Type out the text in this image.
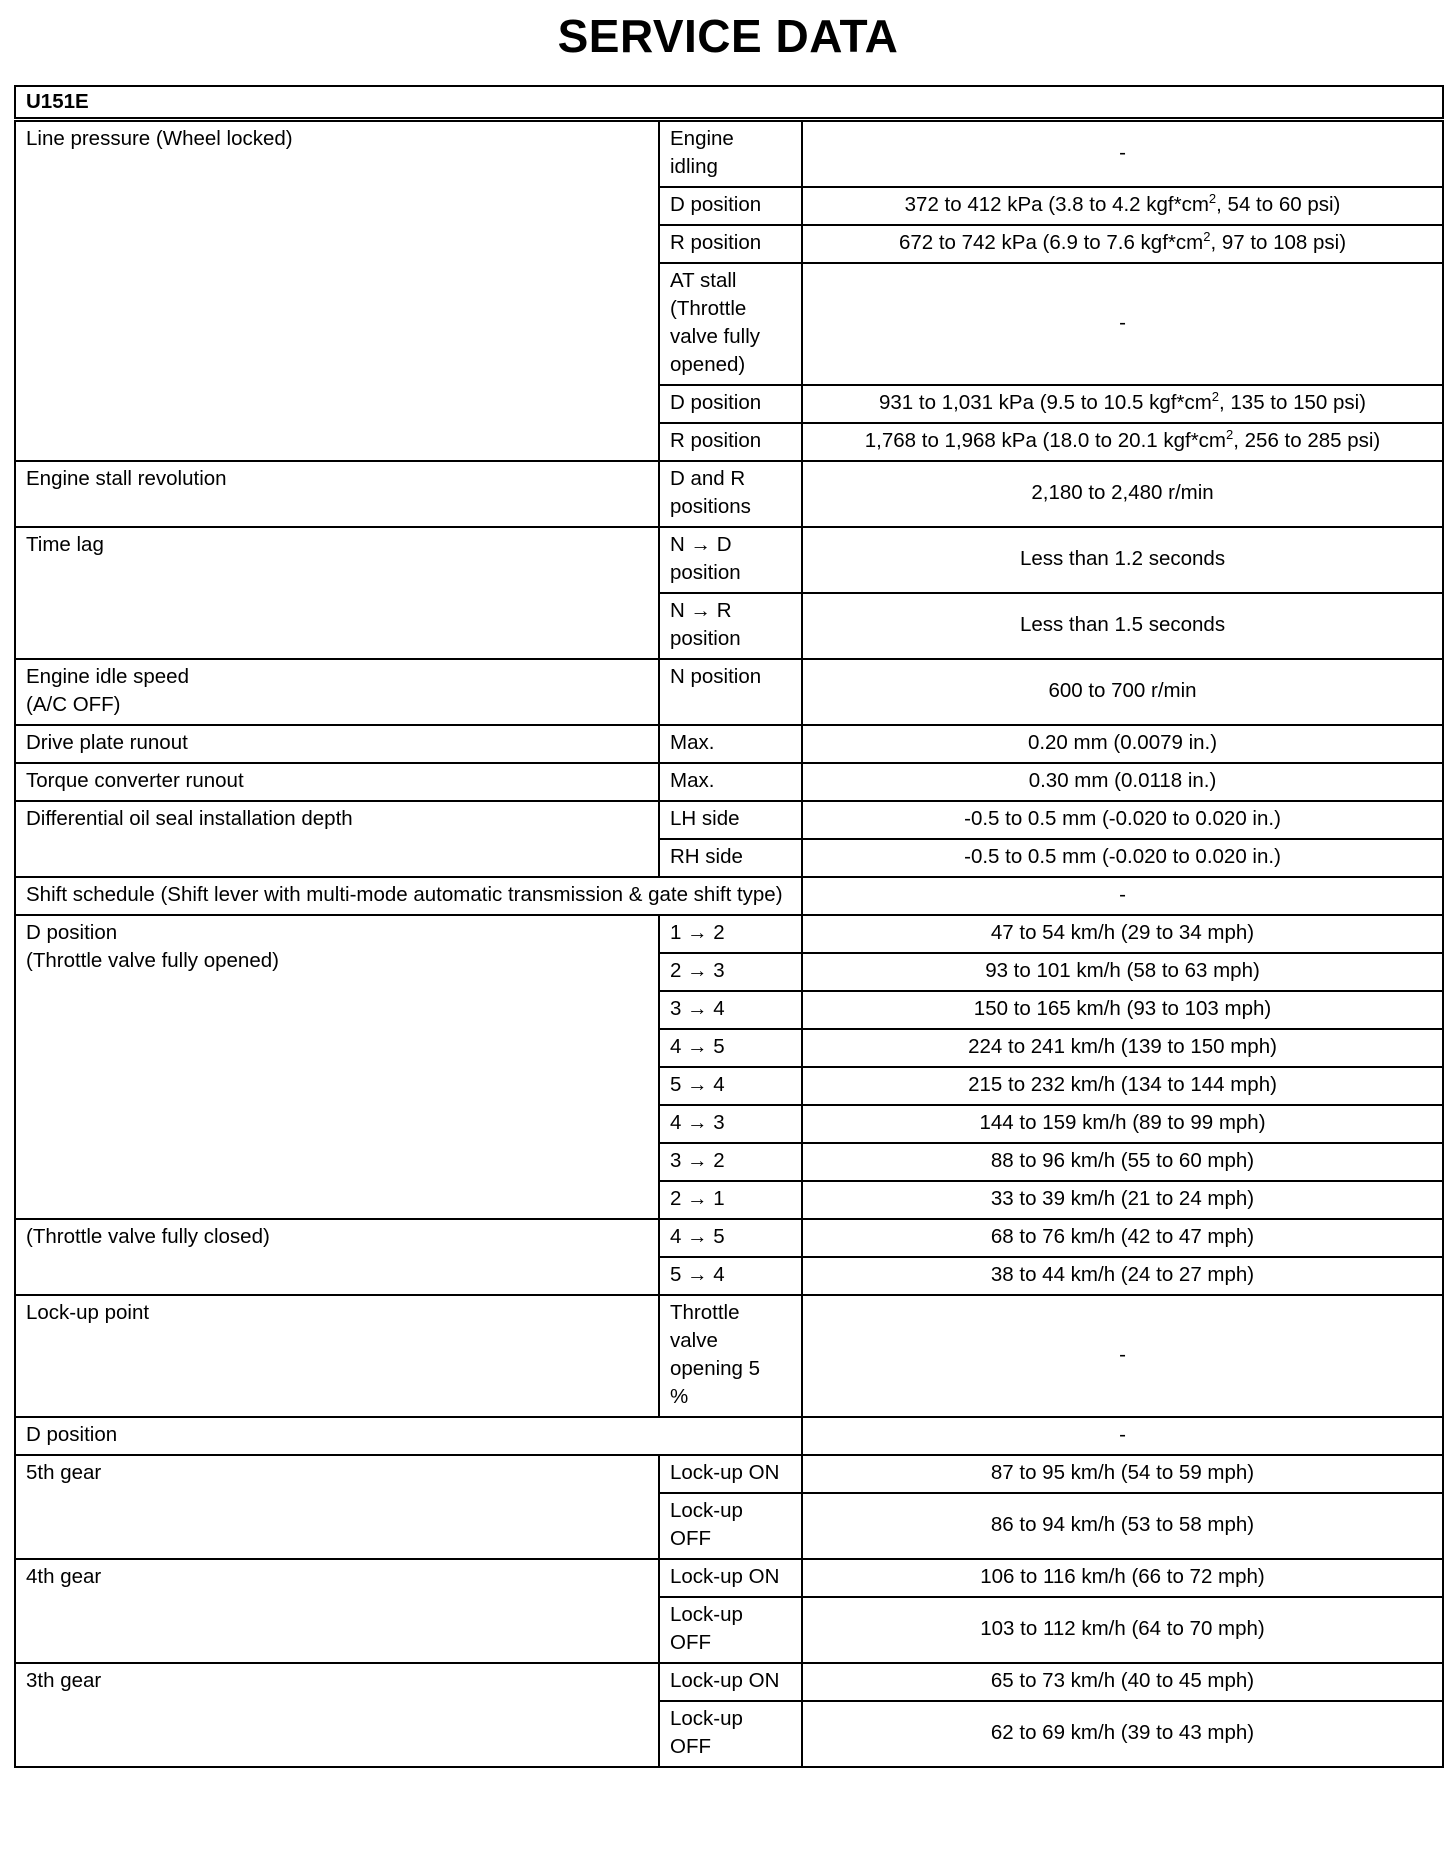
SERVICE DATA
U151E		
Line pressure (Wheel locked)	Engine
idling	-
	D position	372 to 412 kPa (3.8 to 4.2 $kgf*cm^2$, 54 to 60 psi)
	R position	672 to 742 kPa (6.9 to 7.6 $kgf*cm^2$, 97 to 108 psi)
	AT stall
(Throttle
valve fully
opened)	-
	D position	931 to 1,031 kPa (9.5 to 10.5 $kgf*cm^2$, 135 to 150 psi)
	R position	1,768 to 1,968 kPa (18.0 to 20.1 $kgf*cm^2$, 256 to 285 psi)
Engine stall revolution	D and R
positions	2,180 to 2,480 r/min
Time lag	N → D
position	Less than 1.2 seconds
	N → R
position	Less than 1.5 seconds
Engine idle speed
(A/C OFF)	N position	600 to 700 r/min
Drive plate runout	Max.	0.20 mm (0.0079 in.)
Torque converter runout	Max.	0.30 mm (0.0118 in.)
Differential oil seal installation depth	LH side	-0.5 to 0.5 mm (-0.020 to 0.020 in.)
	RH side	-0.5 to 0.5 mm (-0.020 to 0.020 in.)
Shift schedule (Shift lever with multi-mode automatic transmission & gate shift type)		-
D position
(Throttle valve fully opened)	1 → 2	47 to 54 km/h (29 to 34 mph)
	2 → 3	93 to 101 km/h (58 to 63 mph)
	3 → 4	150 to 165 km/h (93 to 103 mph)
	4 → 5	224 to 241 km/h (139 to 150 mph)
	5 → 4	215 to 232 km/h (134 to 144 mph)
	4 → 3	144 to 159 km/h (89 to 99 mph)
	3 → 2	88 to 96 km/h (55 to 60 mph)
	2 → 1	33 to 39 km/h (21 to 24 mph)
(Throttle valve fully closed)	4 → 5	68 to 76 km/h (42 to 47 mph)
	5 → 4	38 to 44 km/h (24 to 27 mph)
Lock-up point	Throttle
valve
opening 5
%	-
D position		-
5th gear	Lock-up ON	87 to 95 km/h (54 to 59 mph)
	Lock-up
OFF	86 to 94 km/h (53 to 58 mph)
4th gear	Lock-up ON	106 to 116 km/h (66 to 72 mph)
	Lock-up
OFF	103 to 112 km/h (64 to 70 mph)
3th gear	Lock-up ON	65 to 73 km/h (40 to 45 mph)
	Lock-up
OFF	62 to 69 km/h (39 to 43 mph)
